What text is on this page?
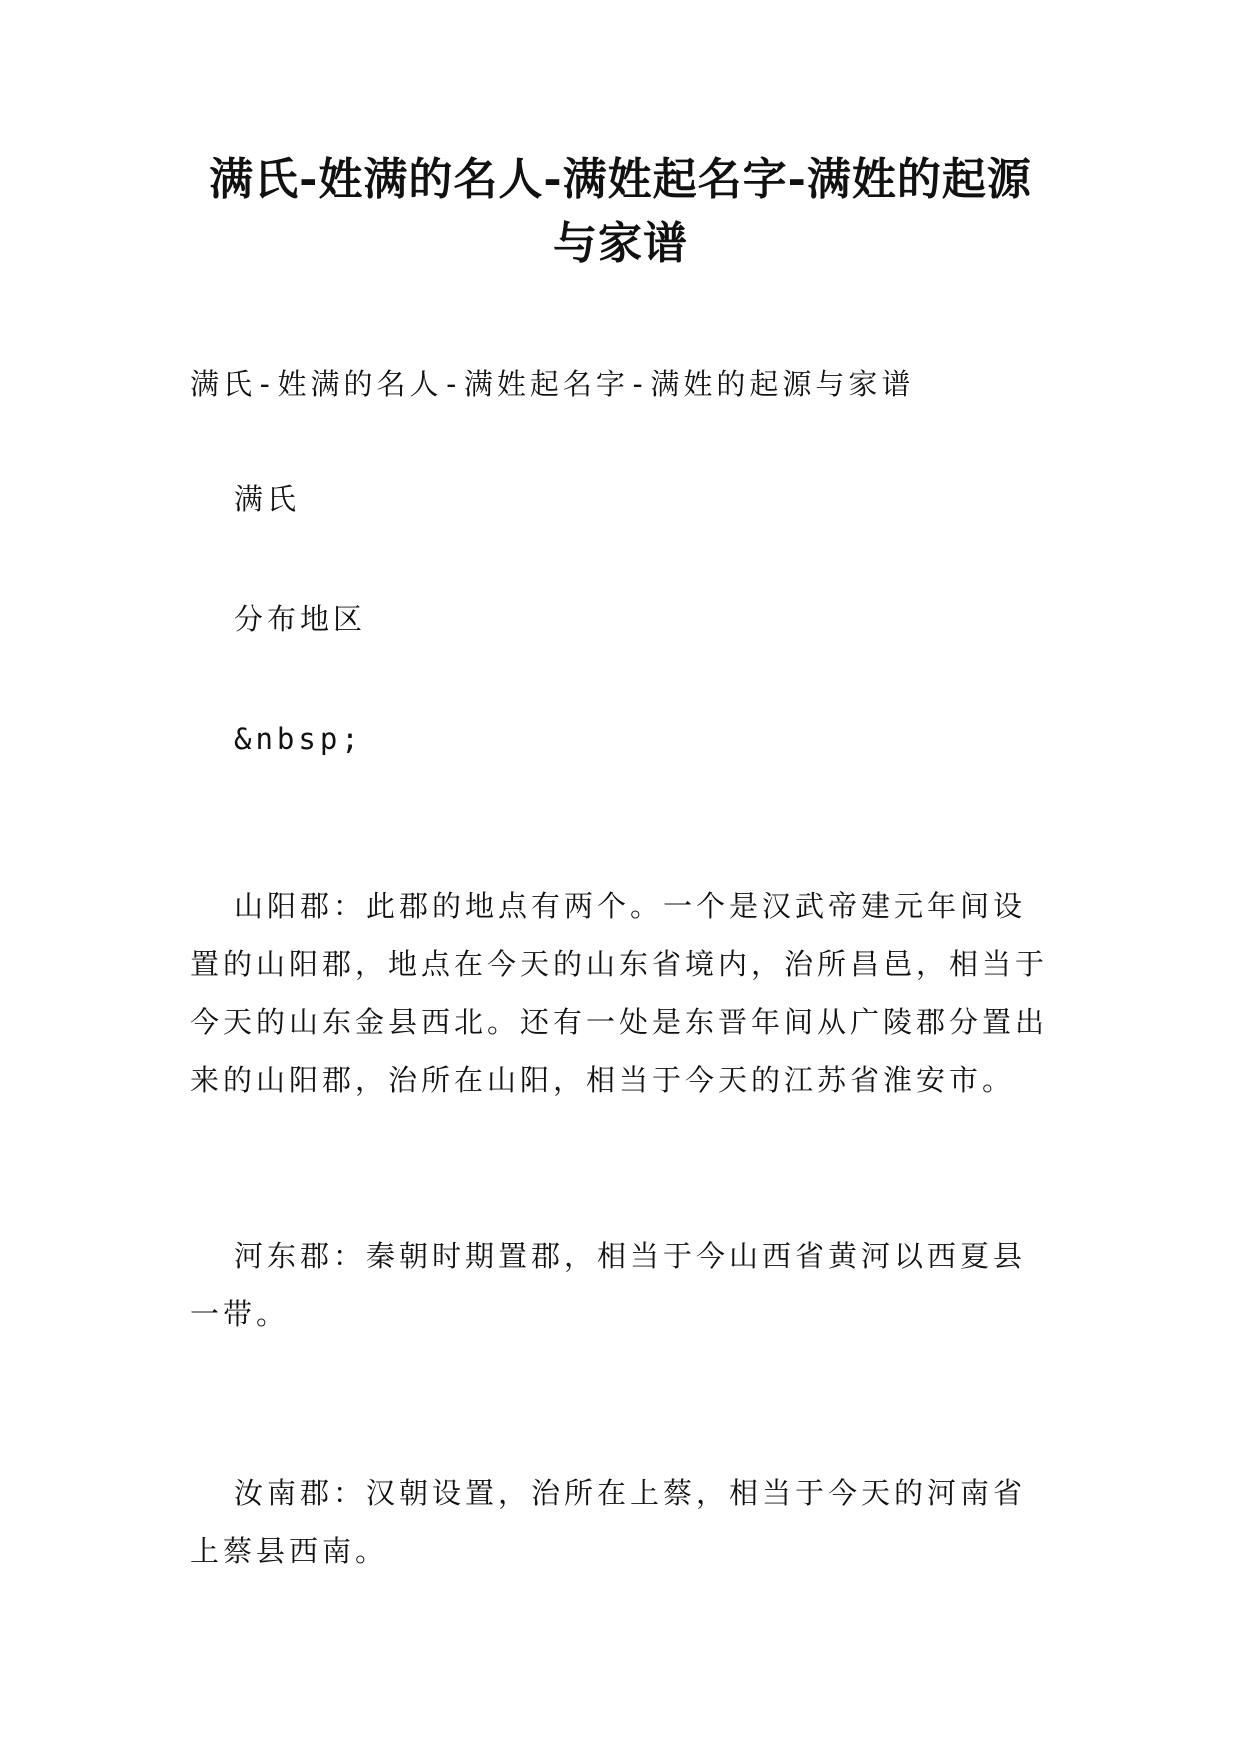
满氏-姓满的名人-满姓起名字-满姓的起源与家谱

满氏-姓满的名人-满姓起名字-满姓的起源与家谱

满氏

分布地区

&nbsp;

山阳郡：此郡的地点有两个。一个是汉武帝建元年间设置的山阳郡，地点在今天的山东省境内，治所昌邑，相当于今天的山东金县西北。还有一处是东晋年间从广陵郡分置出来的山阳郡，治所在山阳，相当于今天的江苏省淮安市。

河东郡：秦朝时期置郡，相当于今山西省黄河以西夏县一带。

汝南郡：汉朝设置，治所在上蔡，相当于今天的河南省上蔡县西南。
